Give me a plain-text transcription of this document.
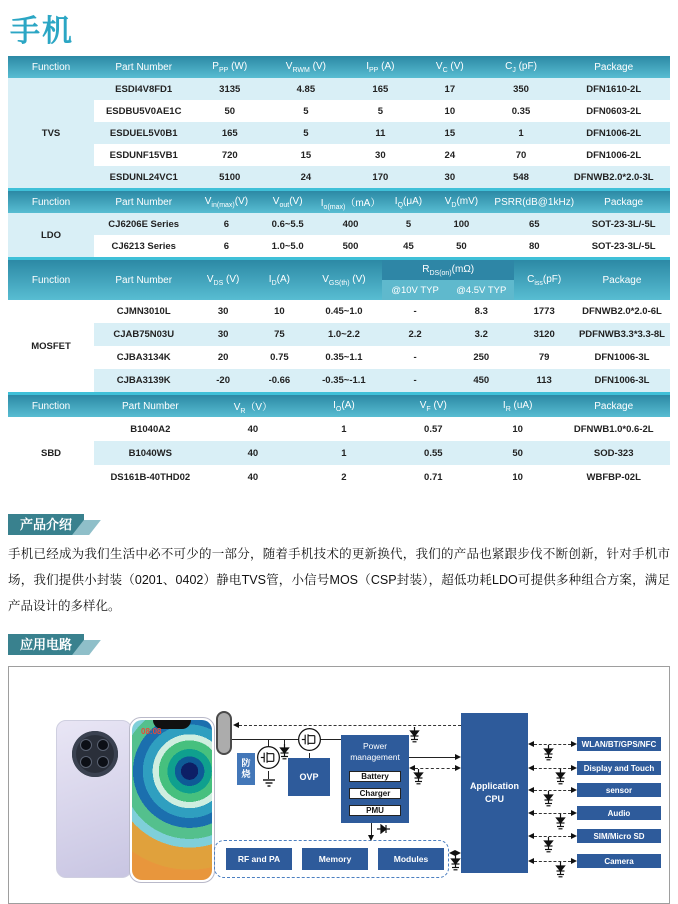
手机
Function	Part Number	$P_{PP}$ (W)	$V_{RWM}$ (V)	$I_{PP}$ (A)	$V_C$ (V)	$C_J$ (pF)	Package
TVS	ESDI4V8FD1	3135	4.85	165	17	350	DFN1610-2L
	ESDBU5V0AE1C	50	5	5	10	0.35	DFN0603-2L
	ESDUEL5V0B1	165	5	11	15	1	DFN1006-2L
	ESDUNF15VB1	720	15	30	24	70	DFN1006-2L
	ESDUNL24VC1	5100	24	170	30	548	DFNWB2.0*2.0-3L
Function	Part Number	$V_{in(max)}(V)$	$V_{out}(V)$	$I_{o(max)}(mA)$	$I_Q(\mu A)$	$V_D(mV)$	PSRR(dB@1kHz)	Package
LDO	CJ6206E Series	6	0.6~5.5	400	5	100	65	SOT-23-3L/-5L
	CJ6213 Series	6	1.0~5.0	500	45	50	80	SOT-23-3L/-5L
Function	Part Number	$V_{DS}$ (V)	$I_D(A)$	$V_{GS(th)}$ (V)	$R_{DS(on)}(m\Omega)$		$C_{iss}(pF)$	Package
					@10V TYP	@4.5V TYP		
MOSFET	CJMN3010L	30	10	0.45~1.0	-	8.3	1773	DFNWB2.0*2.0-6L
	CJAB75N03U	30	75	1.0~2.2	2.2	3.2	3120	PDFNWB3.3*3.3-8L
	CJBA3134K	20	0.75	0.35~1.1	-	250	79	DFN1006-3L
	CJBA3139K	-20	-0.66	-0.35~-1.1	-	450	113	DFN1006-3L
Function	Part Number	$V_R(V)$	$I_O(A)$	$V_F$ (V)	$I_R$ (uA)	Package
SBD	B1040A2	40	1	0.57	10	DFNWB1.0*0.6-2L
	B1040WS	40	1	0.55	50	SOD-323
	DS161B-40THD02	40	2	0.71	10	WBFBP-02L
产品介绍

手机已经成为我们生活中必不可少的一部分，随着手机技术的更新换代，我们的产品也紧跟步伐不断创新，针对手机市场，我们提供小封装（0201、0402）静电TVS管，小信号MOS（CSP封装），超低功耗LDO可提供多种组合方案，满足产品设计的多样化。

应用电路
08:08
防烧	OVP
Power management
Battery
Charger
PMU
Application CPU
WLAN/BT/GPS/NFC
Display and Touch
sensor
Audio
SIM/Micro SD
Camera
RF and PA	Memory	Modules
